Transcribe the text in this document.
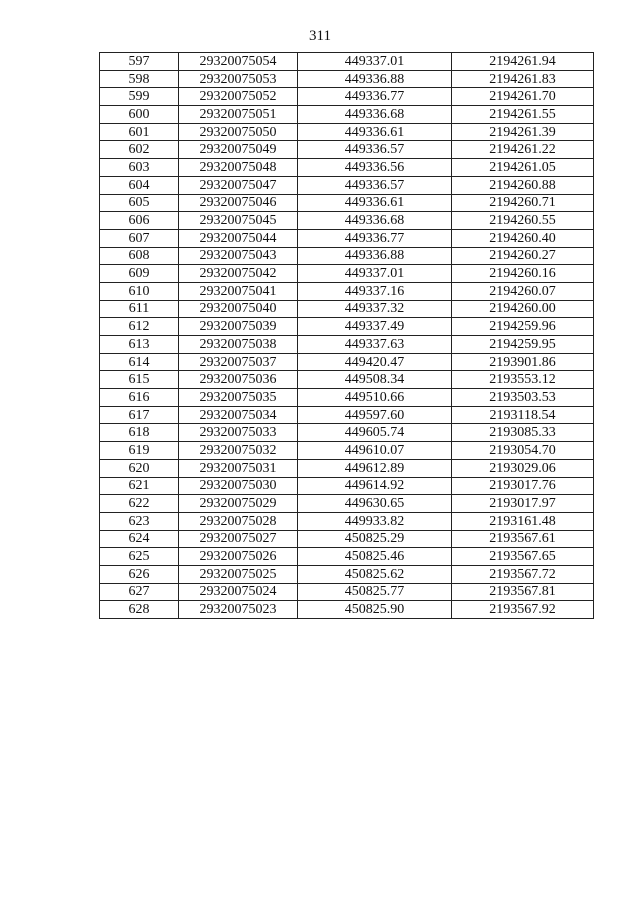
311
597	29320075054	449337.01	2194261.94
598	29320075053	449336.88	2194261.83
599	29320075052	449336.77	2194261.70
600	29320075051	449336.68	2194261.55
601	29320075050	449336.61	2194261.39
602	29320075049	449336.57	2194261.22
603	29320075048	449336.56	2194261.05
604	29320075047	449336.57	2194260.88
605	29320075046	449336.61	2194260.71
606	29320075045	449336.68	2194260.55
607	29320075044	449336.77	2194260.40
608	29320075043	449336.88	2194260.27
609	29320075042	449337.01	2194260.16
610	29320075041	449337.16	2194260.07
611	29320075040	449337.32	2194260.00
612	29320075039	449337.49	2194259.96
613	29320075038	449337.63	2194259.95
614	29320075037	449420.47	2193901.86
615	29320075036	449508.34	2193553.12
616	29320075035	449510.66	2193503.53
617	29320075034	449597.60	2193118.54
618	29320075033	449605.74	2193085.33
619	29320075032	449610.07	2193054.70
620	29320075031	449612.89	2193029.06
621	29320075030	449614.92	2193017.76
622	29320075029	449630.65	2193017.97
623	29320075028	449933.82	2193161.48
624	29320075027	450825.29	2193567.61
625	29320075026	450825.46	2193567.65
626	29320075025	450825.62	2193567.72
627	29320075024	450825.77	2193567.81
628	29320075023	450825.90	2193567.92
